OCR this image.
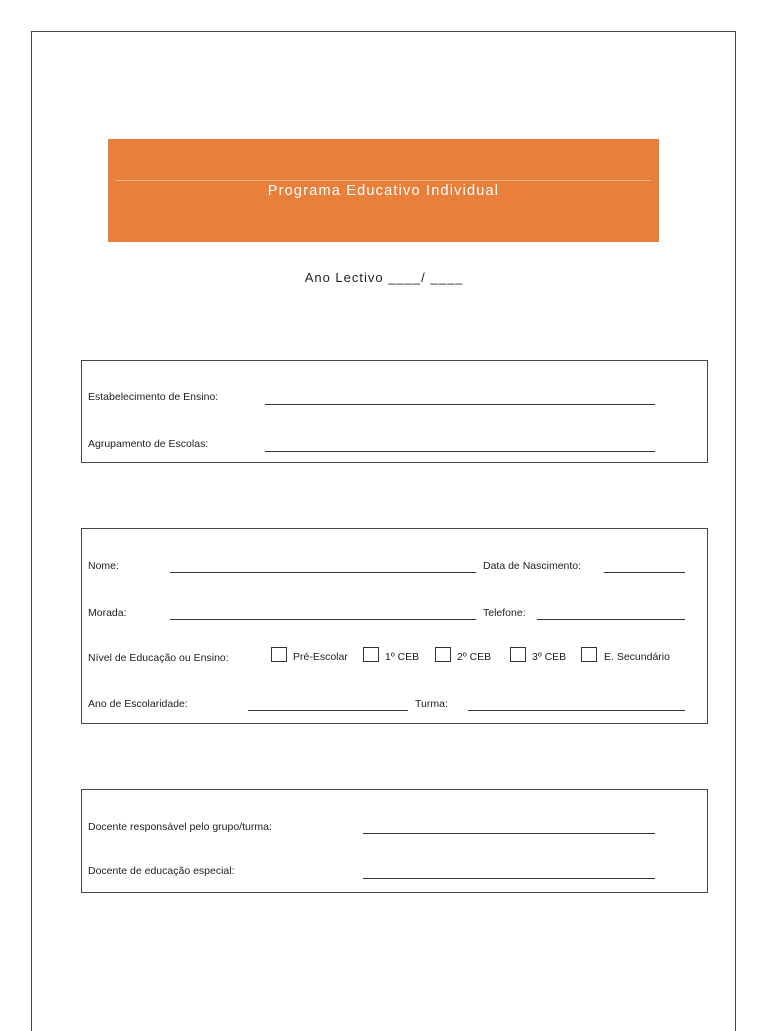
Programa Educativo Individual
Ano Lectivo ____/ ____
Estabelecimento de Ensino:
Agrupamento de Escolas:
Nome:	Data de Nascimento:
Morada:	Telefone:
Nível de Educação ou Ensino:	Pré-Escolar	1º CEB	2º CEB	3º CEB	E. Secundário
Ano de Escolaridade:	Turma:
Docente responsável pelo grupo/turma:
Docente de educação especial:
